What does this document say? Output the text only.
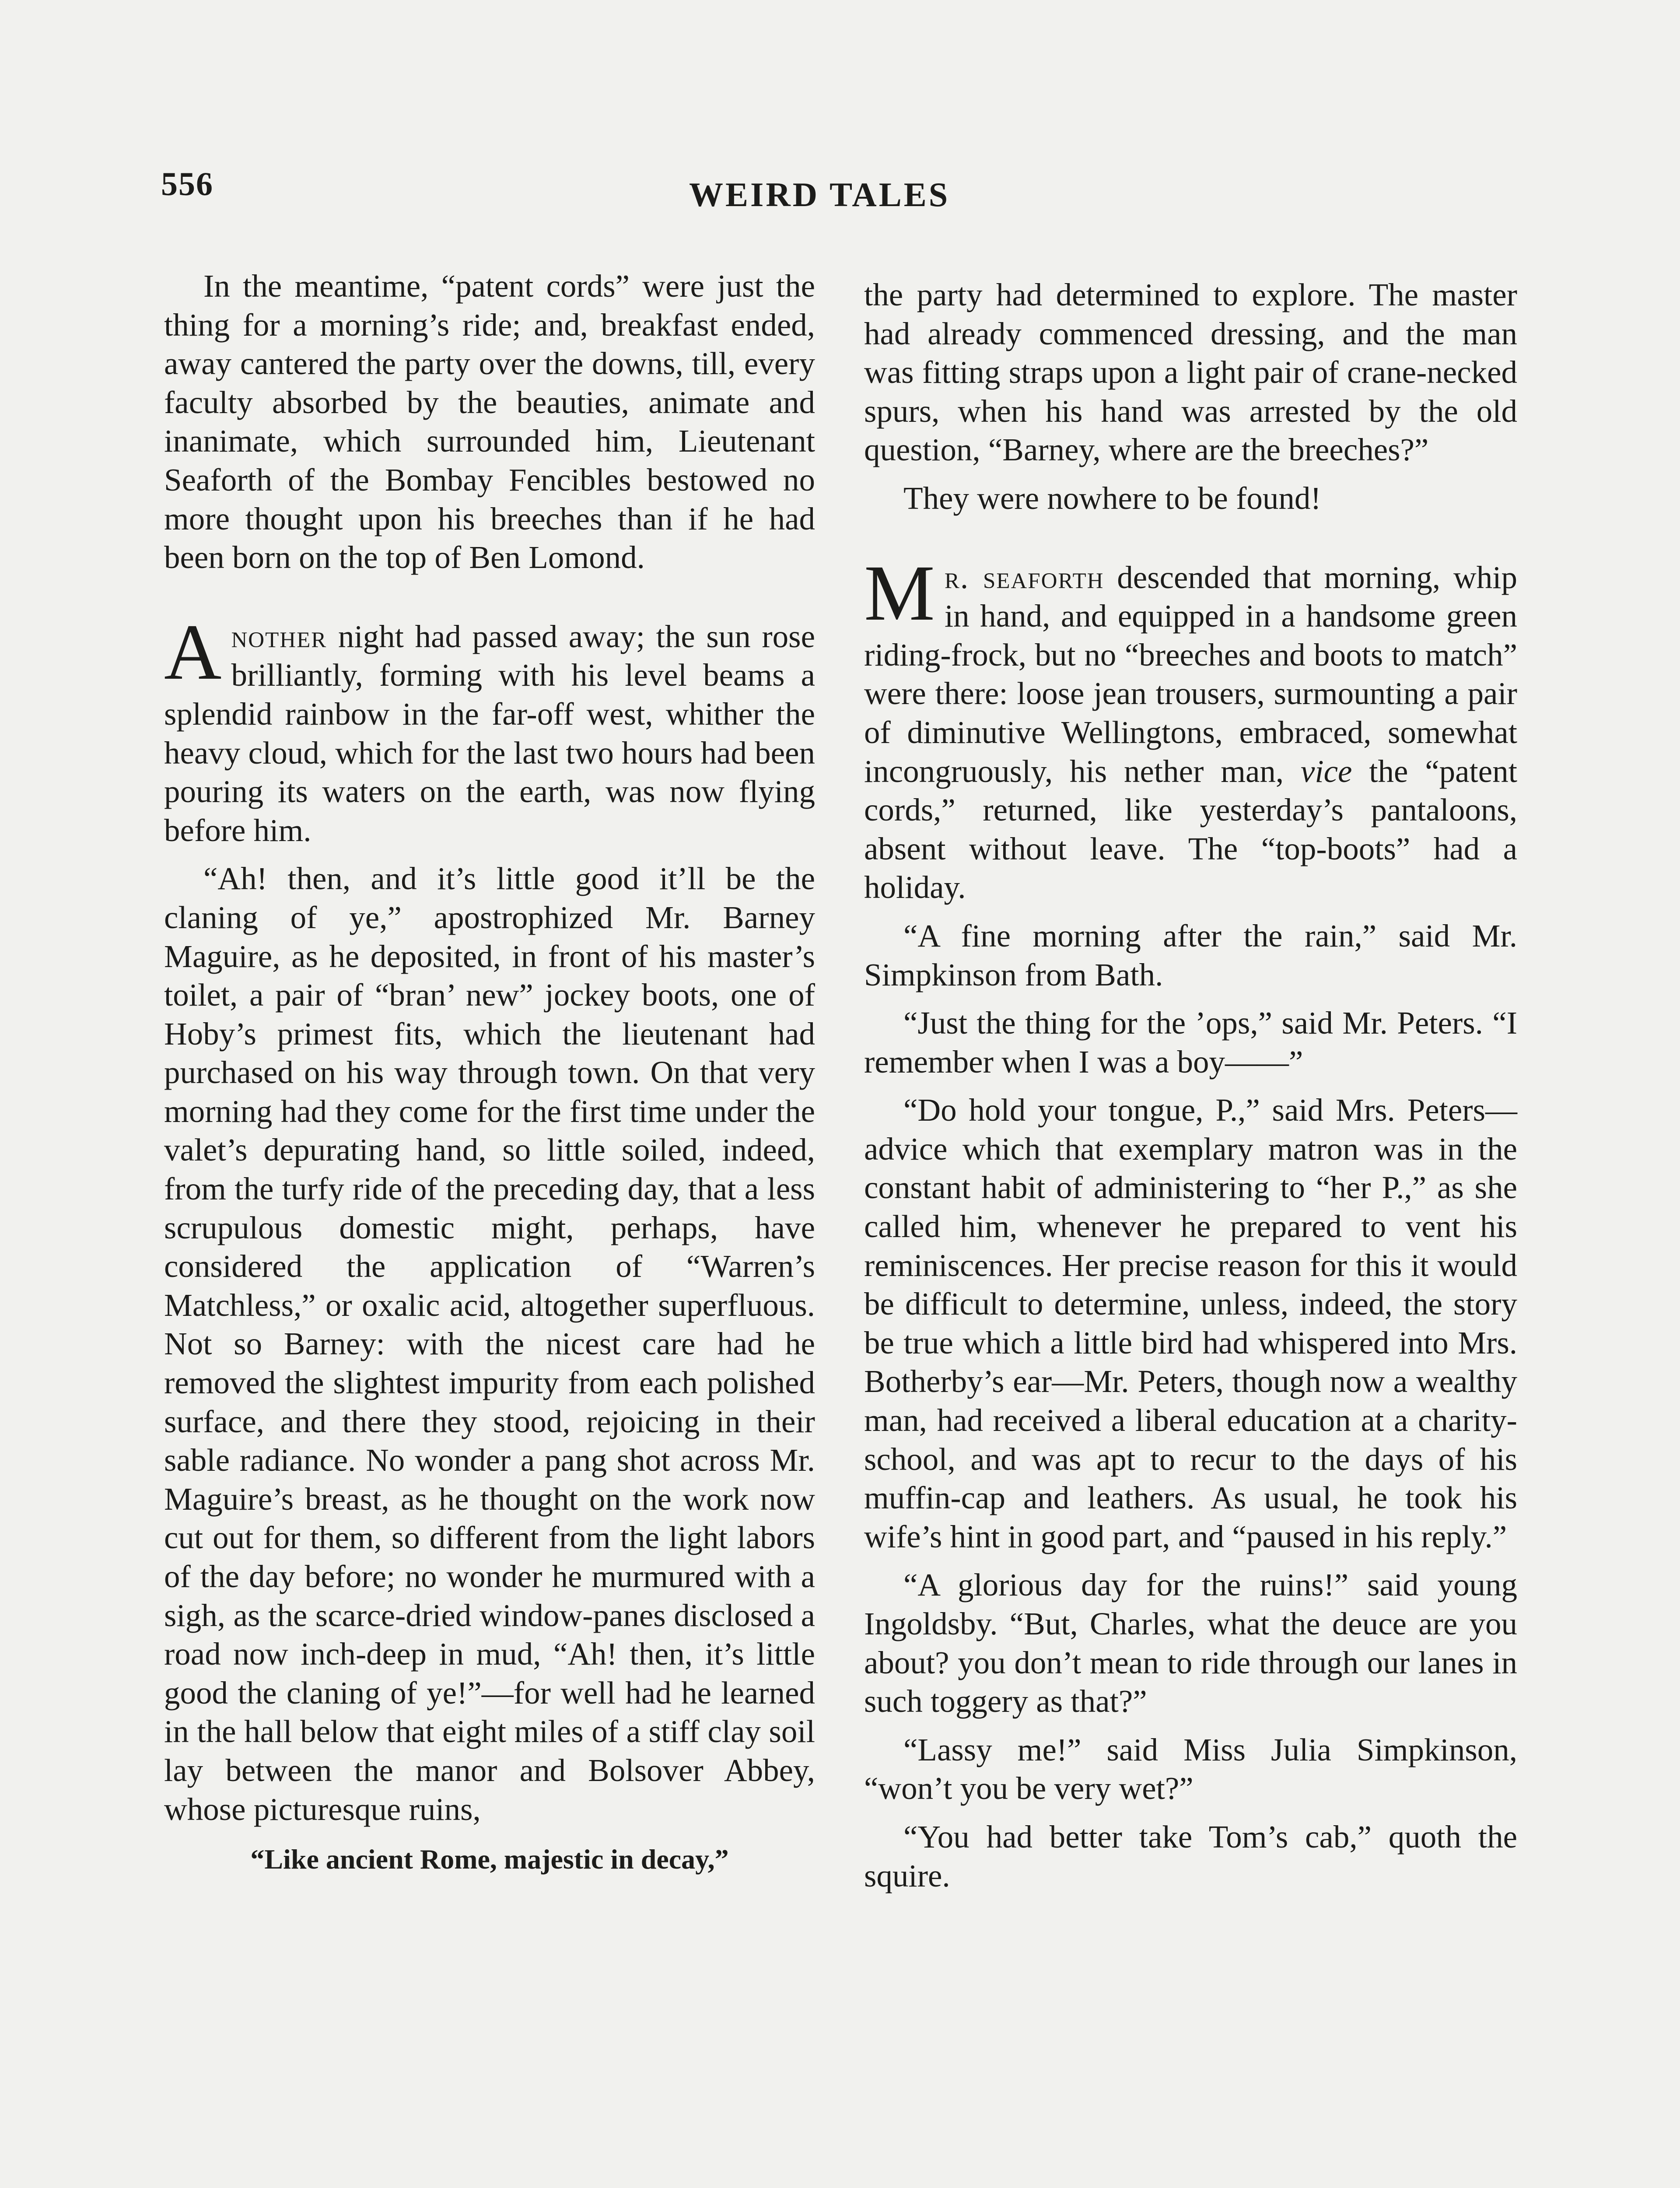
556	WEIRD TALES

In the meantime, “patent cords” were just the thing for a morning’s ride; and, breakfast ended, away cantered the party over the downs, till, every faculty absorbed by the beauties, animate and inanimate, which surrounded him, Lieutenant Seaforth of the Bombay Fencibles bestowed no more thought upon his breeches than if he had been born on the top of Ben Lomond.

Another night had passed away; the sun rose brilliantly, forming with his level beams a splendid rainbow in the far-off west, whither the heavy cloud, which for the last two hours had been pouring its waters on the earth, was now flying before him.

“Ah! then, and it’s little good it’ll be the claning of ye,” apostrophized Mr. Barney Maguire, as he deposited, in front of his master’s toilet, a pair of “bran’ new” jockey boots, one of Hoby’s primest fits, which the lieutenant had purchased on his way through town. On that very morning had they come for the first time under the valet’s depurating hand, so little soiled, indeed, from the turfy ride of the preceding day, that a less scrupulous domestic might, perhaps, have considered the application of “Warren’s Matchless,” or oxalic acid, altogether superfluous. Not so Barney: with the nicest care had he removed the slightest impurity from each polished surface, and there they stood, rejoicing in their sable radiance. No wonder a pang shot across Mr. Maguire’s breast, as he thought on the work now cut out for them, so different from the light labors of the day before; no wonder he murmured with a sigh, as the scarce-dried window-panes disclosed a road now inch-deep in mud, “Ah! then, it’s little good the claning of ye!”—for well had he learned in the hall below that eight miles of a stiff clay soil lay between the manor and Bolsover Abbey, whose picturesque ruins,

“Like ancient Rome, majestic in decay,”

the party had determined to explore. The master had already commenced dressing, and the man was fitting straps upon a light pair of crane-necked spurs, when his hand was arrested by the old question, “Barney, where are the breeches?”

They were nowhere to be found!

Mr. seaforth descended that morning, whip in hand, and equipped in a handsome green riding-frock, but no “breeches and boots to match” were there: loose jean trousers, surmounting a pair of diminutive Wellingtons, embraced, somewhat incongruously, his nether man, vice the “patent cords,” returned, like yesterday’s pantaloons, absent without leave. The “top-boots” had a holiday.

“A fine morning after the rain,” said Mr. Simpkinson from Bath.

“Just the thing for the ’ops,” said Mr. Peters. “I remember when I was a boy——”

“Do hold your tongue, P.,” said Mrs. Peters—advice which that exemplary matron was in the constant habit of administering to “her P.,” as she called him, whenever he prepared to vent his reminiscences. Her precise reason for this it would be difficult to determine, unless, indeed, the story be true which a little bird had whispered into Mrs. Botherby’s ear—Mr. Peters, though now a wealthy man, had received a liberal education at a charity-school, and was apt to recur to the days of his muffin-cap and leathers. As usual, he took his wife’s hint in good part, and “paused in his reply.”

“A glorious day for the ruins!” said young Ingoldsby. “But, Charles, what the deuce are you about? you don’t mean to ride through our lanes in such toggery as that?”

“Lassy me!” said Miss Julia Simpkinson, “won’t you be very wet?”

“You had better take Tom’s cab,” quoth the squire.
